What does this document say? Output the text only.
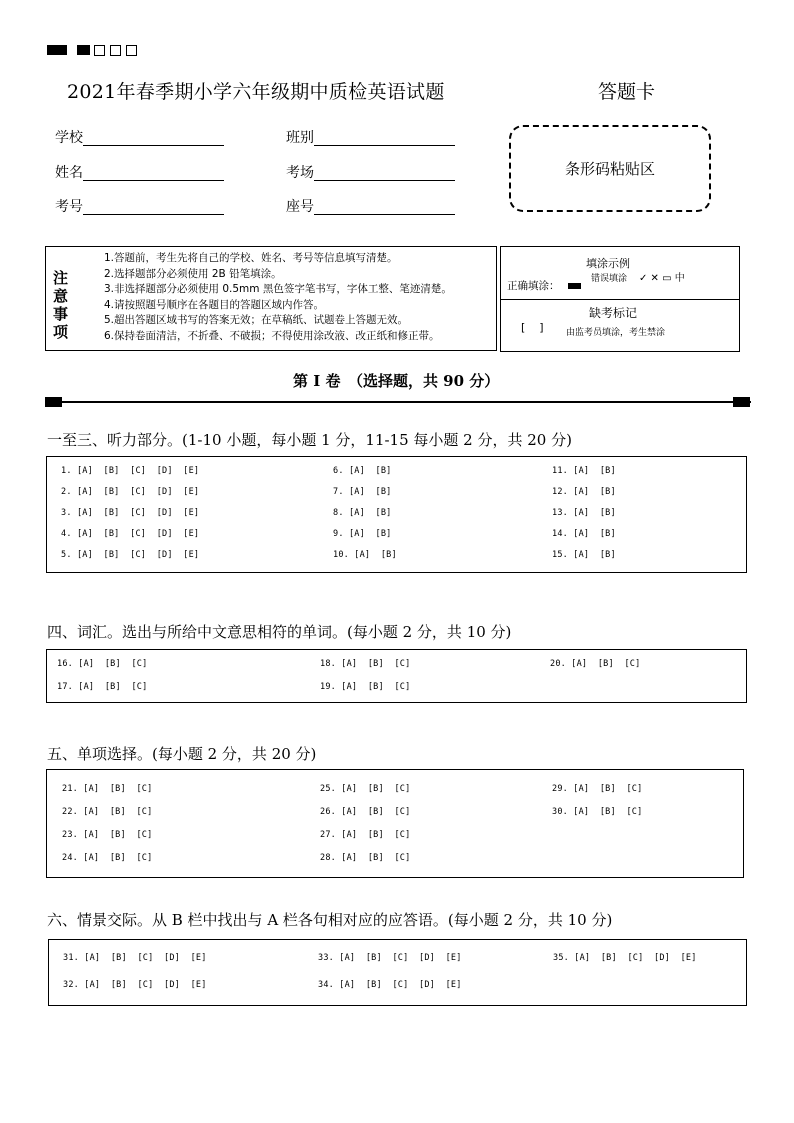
2021年春季期小学六年级期中质检英语试题	答题卡
学校	班别
姓名	考场
考号	座号
条形码粘贴区
注意事项
1.答题前，考生先将自己的学校、姓名、考号等信息填写清楚。
2.选择题部分必须使用 2B 铅笔填涂。
3.非选择题部分必须使用 0.5mm 黑色签字笔书写，字体工整、笔迹清楚。
4.请按照题号顺序在各题目的答题区域内作答。
5.超出答题区域书写的答案无效；在草稿纸、试题卷上答题无效。
6.保持卷面清洁，不折叠、不破损；不得使用涂改液、改正纸和修正带。
填涂示例
正确填涂：
错误填涂 ✓ ✕ ▭ 中
缺考标记
[    ] 由监考员填涂，考生禁涂
第 I 卷　（选择题，共 90 分）
一至三、听力部分。(1-10 小题，每小题 1 分，11-15 每小题 2 分，共 20 分)
1. [A]  [B]  [C]  [D]  [E]	6. [A]  [B]	11. [A]  [B]
2. [A]  [B]  [C]  [D]  [E]	7. [A]  [B]	12. [A]  [B]
3. [A]  [B]  [C]  [D]  [E]	8. [A]  [B]	13. [A]  [B]
4. [A]  [B]  [C]  [D]  [E]	9. [A]  [B]	14. [A]  [B]
5. [A]  [B]  [C]  [D]  [E]	10. [A]  [B]	15. [A]  [B]
四、词汇。选出与所给中文意思相符的单词。(每小题 2 分，共 10 分)
16. [A]  [B]  [C]	18. [A]  [B]  [C]	20. [A]  [B]  [C]
17. [A]  [B]  [C]	19. [A]  [B]  [C]
五、单项选择。(每小题 2 分，共 20 分)
21. [A]  [B]  [C]	25. [A]  [B]  [C]	29. [A]  [B]  [C]
22. [A]  [B]  [C]	26. [A]  [B]  [C]	30. [A]  [B]  [C]
23. [A]  [B]  [C]	27. [A]  [B]  [C]
24. [A]  [B]  [C]	28. [A]  [B]  [C]
六、情景交际。从 B 栏中找出与 A 栏各句相对应的应答语。(每小题 2 分，共 10 分)
31. [A]  [B]  [C]  [D]  [E]	33. [A]  [B]  [C]  [D]  [E]	35. [A]  [B]  [C]  [D]  [E]
32. [A]  [B]  [C]  [D]  [E]	34. [A]  [B]  [C]  [D]  [E]
